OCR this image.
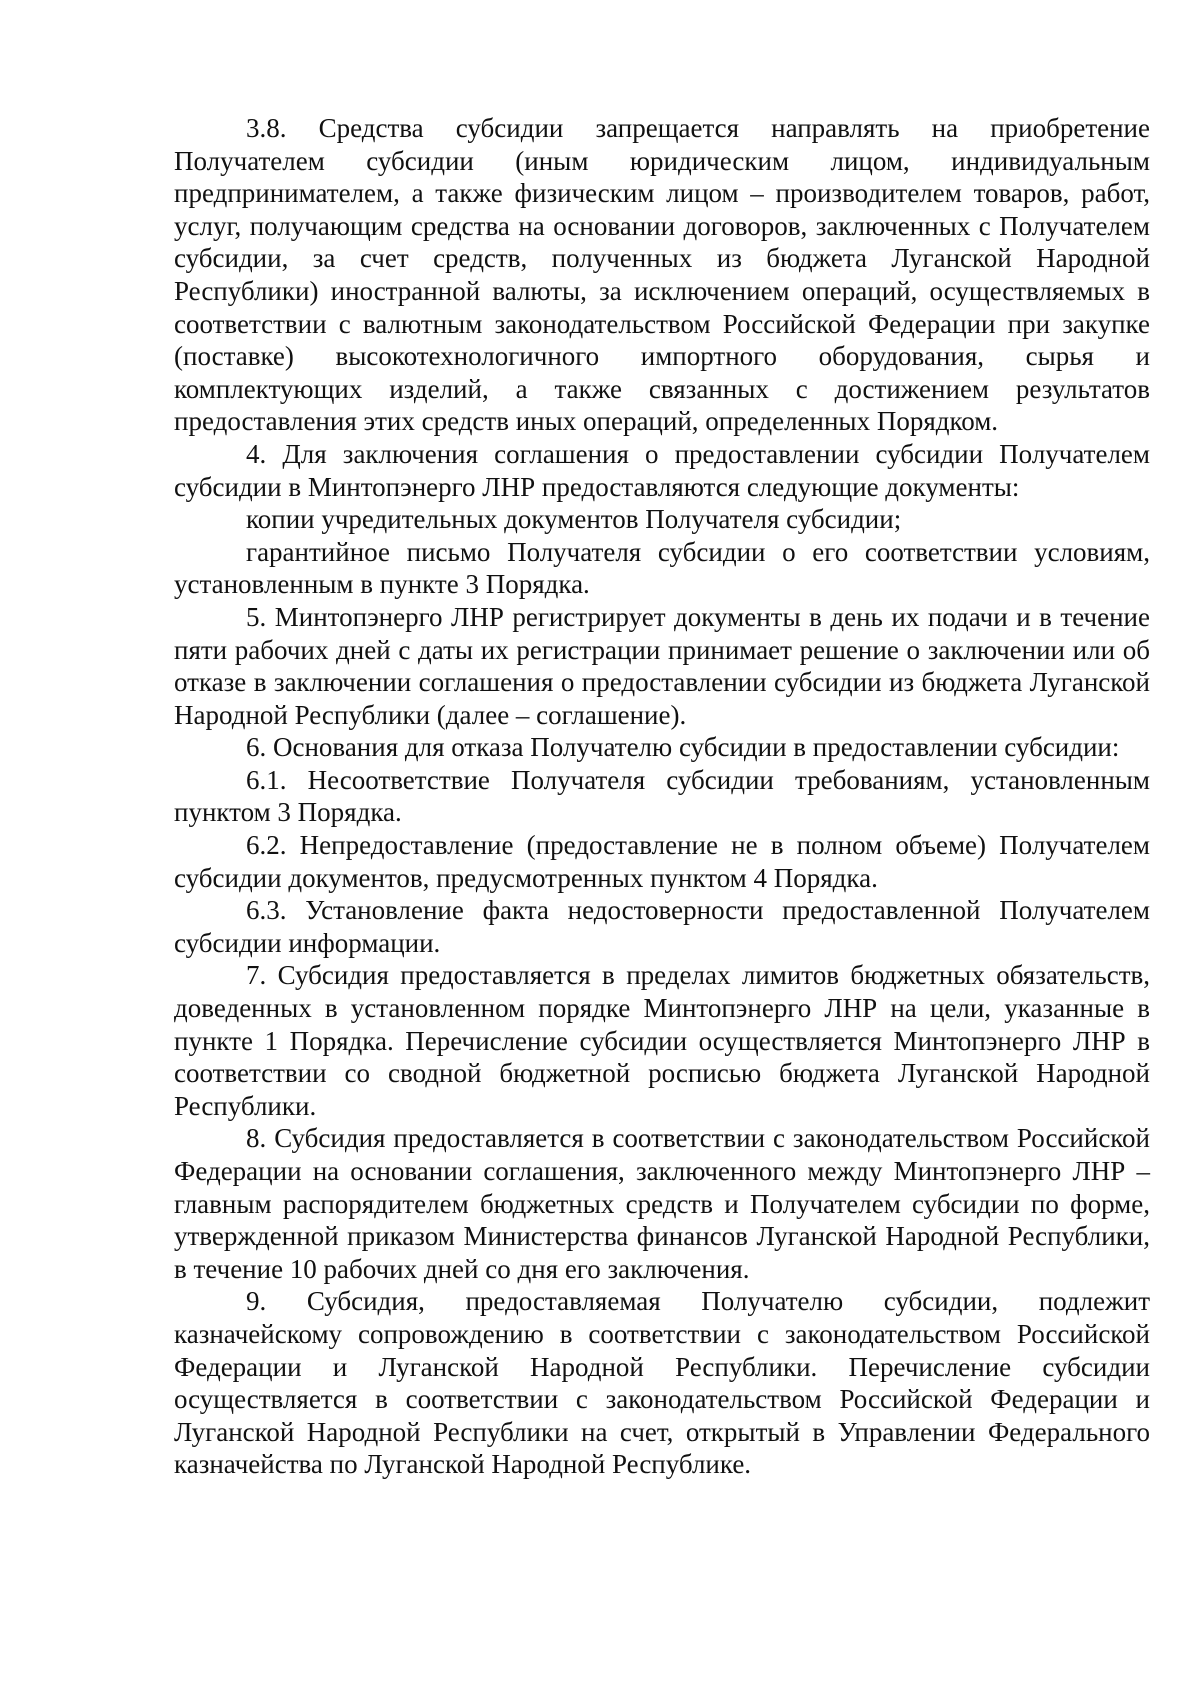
3.8. Средства субсидии запрещается направлять на приобретение Получателем субсидии (иным юридическим лицом, индивидуальным предпринимателем, а также физическим лицом – производителем товаров, работ, услуг, получающим средства на основании договоров, заключенных с Получателем субсидии, за счет средств, полученных из бюджета Луганской Народной Республики) иностранной валюты, за исключением операций, осуществляемых в соответствии с валютным законодательством Российской Федерации при закупке (поставке) высокотехнологичного импортного оборудования, сырья и комплектующих изделий, а также связанных с достижением результатов предоставления этих средств иных операций, определенных Порядком.

4. Для заключения соглашения о предоставлении субсидии Получателем субсидии в Минтопэнерго ЛНР предоставляются следующие документы:

копии учредительных документов Получателя субсидии;

гарантийное письмо Получателя субсидии о его соответствии условиям, установленным в пункте 3 Порядка.

5. Минтопэнерго ЛНР регистрирует документы в день их подачи и в течение пяти рабочих дней с даты их регистрации принимает решение о заключении или об отказе в заключении соглашения о предоставлении субсидии из бюджета Луганской Народной Республики (далее – соглашение).

6. Основания для отказа Получателю субсидии в предоставлении субсидии:

6.1. Несоответствие Получателя субсидии требованиям, установленным пунктом 3 Порядка.

6.2. Непредоставление (предоставление не в полном объеме) Получателем субсидии документов, предусмотренных пунктом 4 Порядка.

6.3. Установление факта недостоверности предоставленной Получателем субсидии информации.

7. Субсидия предоставляется в пределах лимитов бюджетных обязательств, доведенных в установленном порядке Минтопэнерго ЛНР на цели, указанные в пункте 1 Порядка. Перечисление субсидии осуществляется Минтопэнерго ЛНР в соответствии со сводной бюджетной росписью бюджета Луганской Народной Республики.

8. Субсидия предоставляется в соответствии с законодательством Российской Федерации на основании соглашения, заключенного между Минтопэнерго ЛНР – главным распорядителем бюджетных средств и Получателем субсидии по форме, утвержденной приказом Министерства финансов Луганской Народной Республики, в течение 10 рабочих дней со дня его заключения.

9. Субсидия, предоставляемая Получателю субсидии, подлежит казначейскому сопровождению в соответствии с законодательством Российской Федерации и Луганской Народной Республики. Перечисление субсидии осуществляется в соответствии с законодательством Российской Федерации и Луганской Народной Республики на счет, открытый в Управлении Федерального казначейства по Луганской Народной Республике.
